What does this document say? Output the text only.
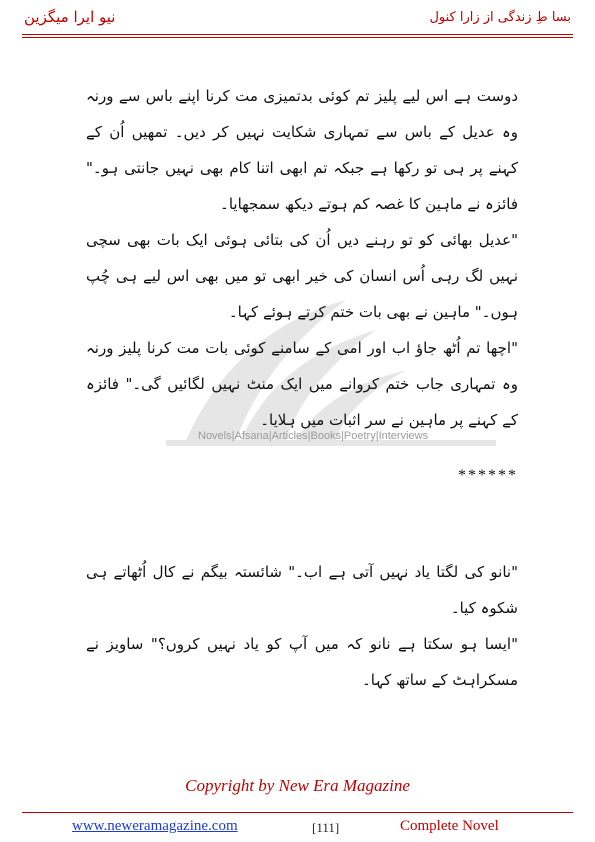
نیو ایرا میگزین	بسا طِ زندگی از زارا کنول
Novels|Afsana|Articles|Books|Poetry|Interviews

دوست ہے اس لیے پلیز تم کوئی بدتمیزی مت کرنا اپنے باس سے ورنہ وہ عدیل کے باس سے تمہاری شکایت نہیں کر دیں۔ تمھیں اُن کے کہنے پر ہی تو رکھا ہے جبکہ تم ابھی اتنا کام بھی نہیں جانتی ہو۔" فائزہ نے ماہین کا غصہ کم ہوتے دیکھ سمجھایا۔

"عدیل بھائی کو تو رہنے دیں اُن کی بتائی ہوئی ایک بات بھی سچی نہیں لگ رہی اُس انسان کی خیر ابھی تو میں بھی اس لیے ہی چُپ ہوں۔" ماہین نے بھی بات ختم کرتے ہوئے کہا۔

"اچھا تم اُٹھ جاؤ اب اور امی کے سامنے کوئی بات مت کرنا پلیز ورنہ وہ تمہاری جاب ختم کروانے میں ایک منٹ نہیں لگائیں گی۔" فائزہ کے کہنے پر ماہین نے سر اثبات میں ہلایا۔

******

"نانو کی لگتا یاد نہیں آتی ہے اب۔" شائستہ بیگم نے کال اُٹھاتے ہی شکوہ کیا۔

"ایسا ہو سکتا ہے نانو کہ میں آپ کو یاد نہیں کروں؟" ساویز نے مسکراہٹ کے ساتھ کہا۔

Copyright by New Era Magazine
www.neweramagazine.com	[111]	Complete Novel
